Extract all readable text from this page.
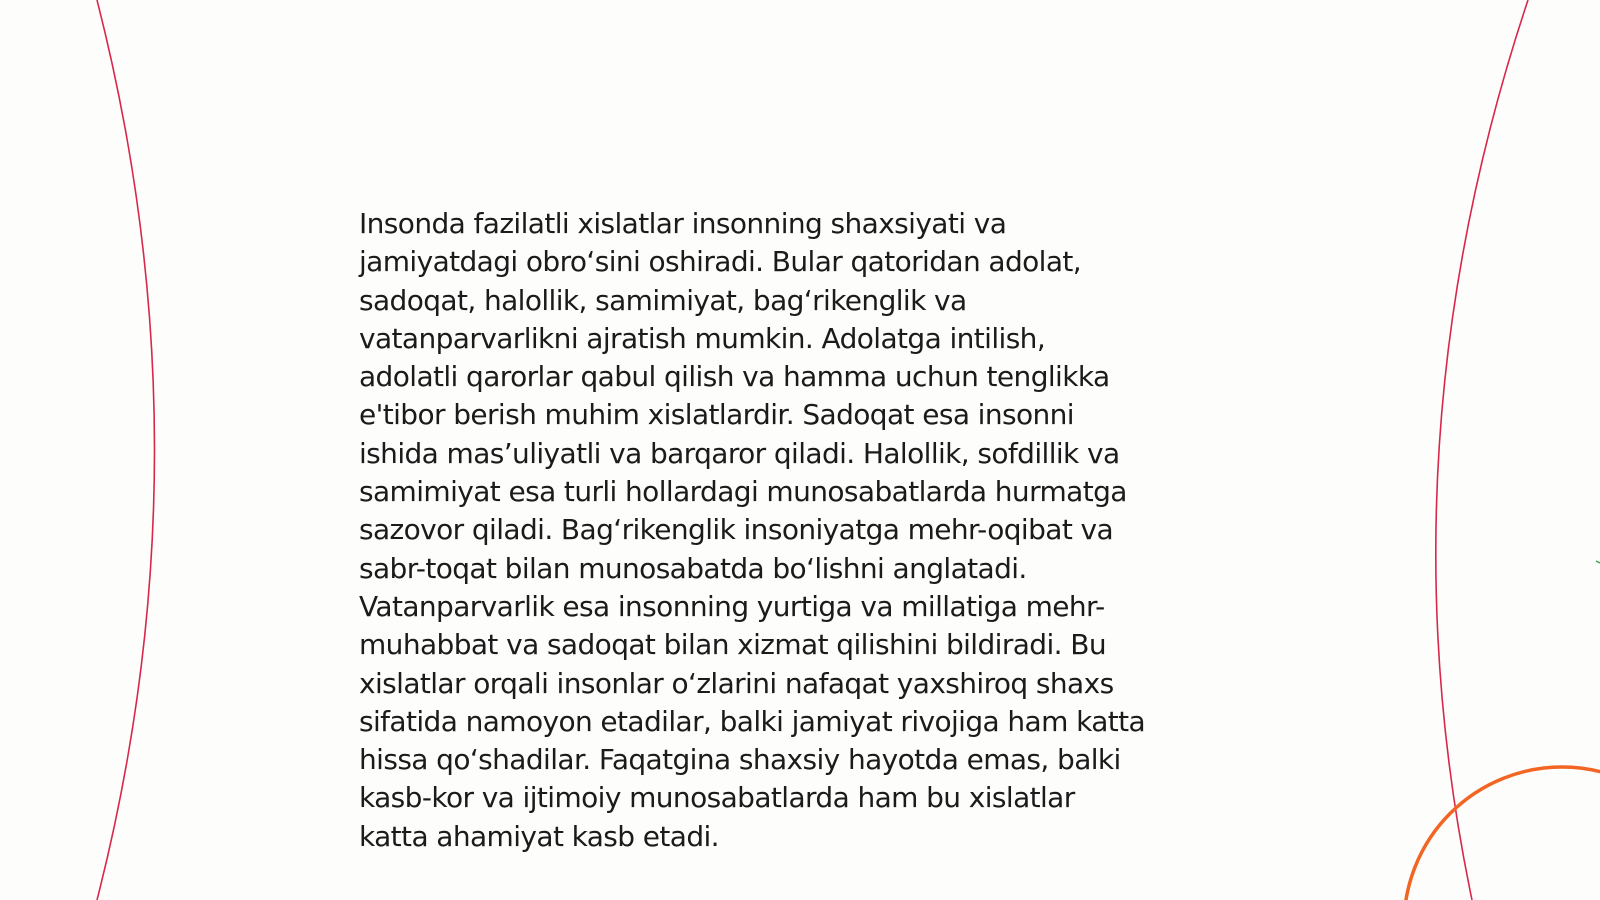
Insonda fazilatli xislatlar insonning shaxsiyati va
jamiyatdagi obro‘sini oshiradi. Bular qatoridan adolat,
sadoqat, halollik, samimiyat, bag‘rikenglik va
vatanparvarlikni ajratish mumkin. Adolatga intilish,
adolatli qarorlar qabul qilish va hamma uchun tenglikka
e'tibor berish muhim xislatlardir. Sadoqat esa insonni
ishida mas’uliyatli va barqaror qiladi. Halollik, sofdillik va
samimiyat esa turli hollardagi munosabatlarda hurmatga
sazovor qiladi. Bag‘rikenglik insoniyatga mehr-oqibat va
sabr-toqat bilan munosabatda bo‘lishni anglatadi.
Vatanparvarlik esa insonning yurtiga va millatiga mehr-
muhabbat va sadoqat bilan xizmat qilishini bildiradi. Bu
xislatlar orqali insonlar o‘zlarini nafaqat yaxshiroq shaxs
sifatida namoyon etadilar, balki jamiyat rivojiga ham katta
hissa qo‘shadilar. Faqatgina shaxsiy hayotda emas, balki
kasb-kor va ijtimoiy munosabatlarda ham bu xislatlar
katta ahamiyat kasb etadi.
